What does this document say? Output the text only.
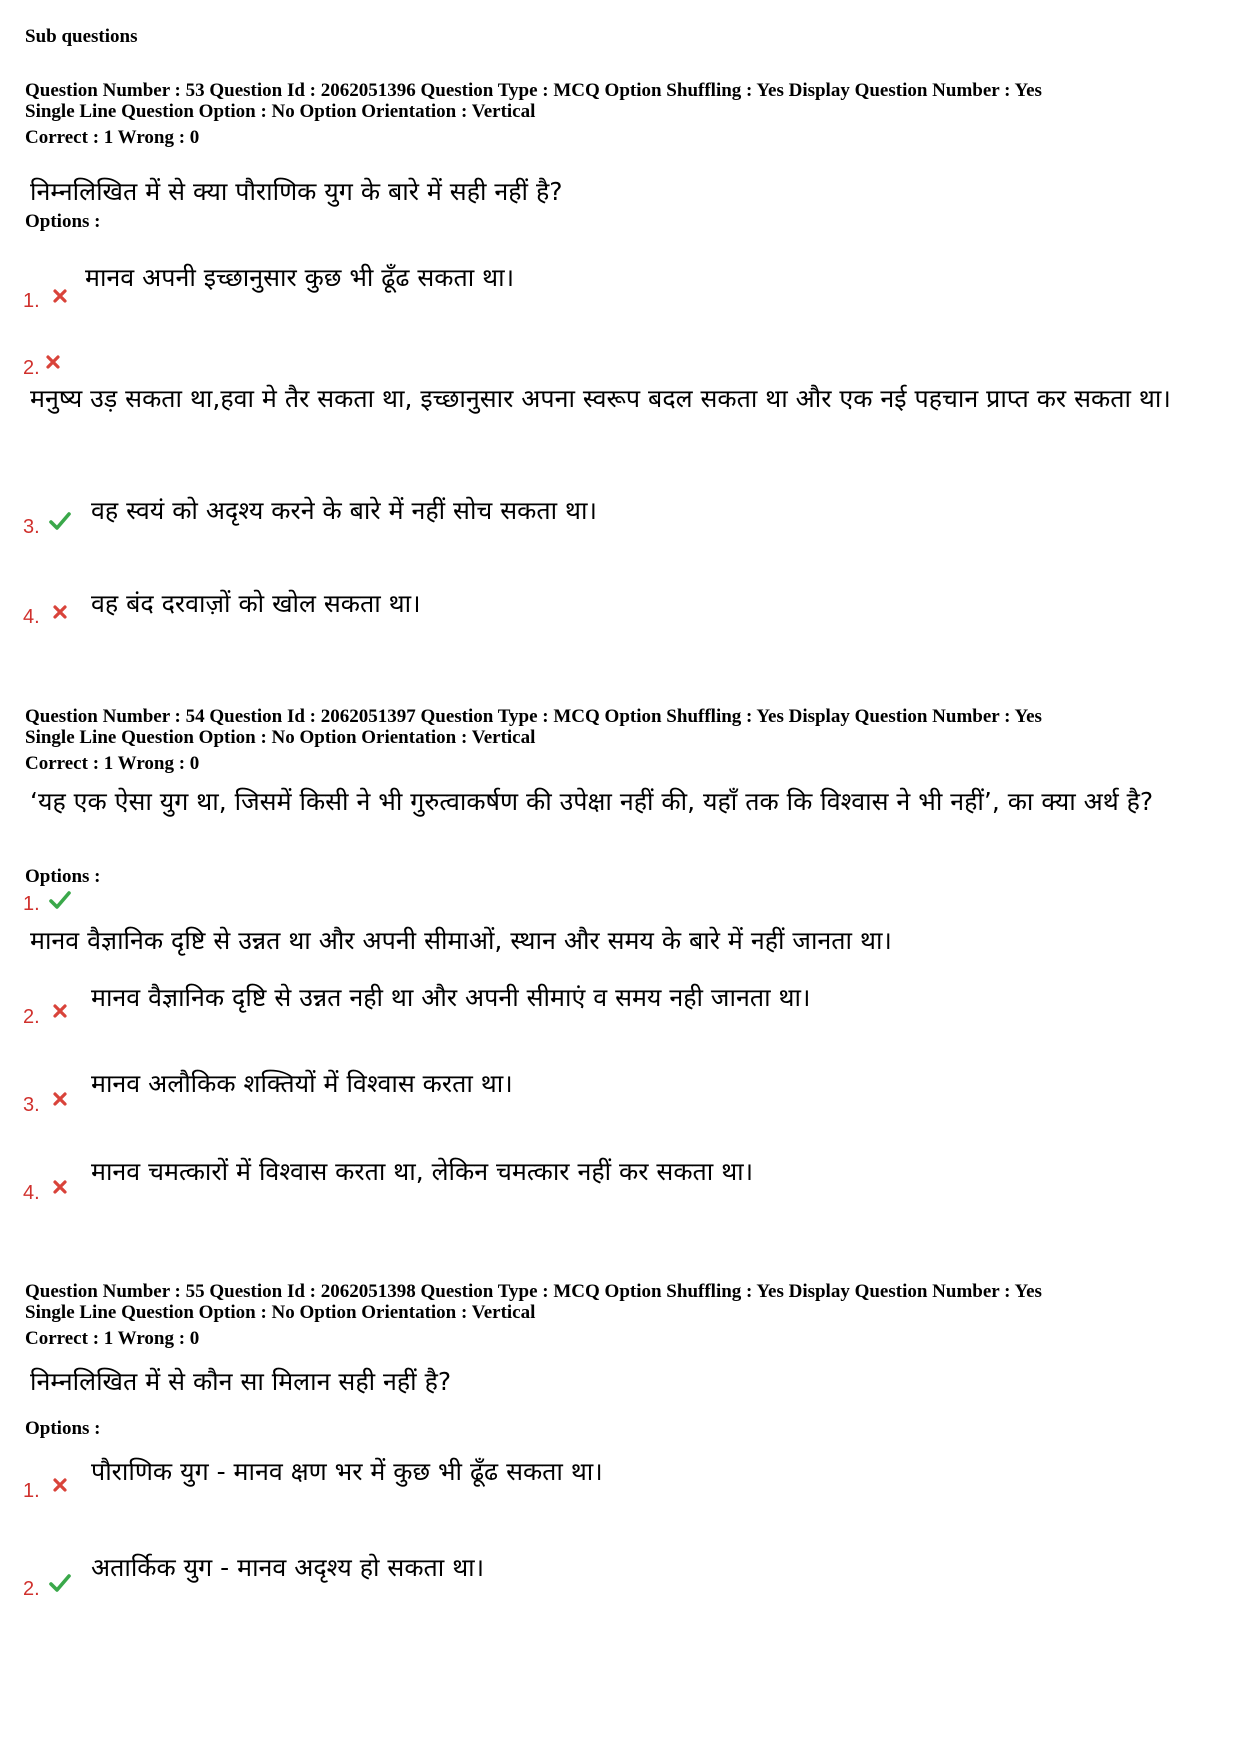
Sub questions
Question Number : 53 Question Id : 2062051396 Question Type : MCQ Option Shuffling : Yes Display Question Number : Yes
Single Line Question Option : No Option Orientation : Vertical
Correct : 1 Wrong : 0
निम्नलिखित में से क्या पौराणिक युग के बारे में सही नहीं है?
Options :
1.
मानव अपनी इच्छानुसार कुछ भी ढूँढ सकता था।
2.
मनुष्य उड़ सकता था,हवा मे तैर सकता था, इच्छानुसार अपना स्वरूप बदल सकता था और एक नई पहचान प्राप्त कर सकता था।
3.
वह स्वयं को अदृश्य करने के बारे में नहीं सोच सकता था।
4. वह बंद दरवाज़ों को खोल सकता था।
Question Number : 54 Question Id : 2062051397 Question Type : MCQ Option Shuffling : Yes Display Question Number : Yes
Single Line Question Option : No Option Orientation : Vertical
Correct : 1 Wrong : 0
‘यह एक ऐसा युग था, जिसमें किसी ने भी गुरुत्वाकर्षण की उपेक्षा नहीं की, यहाँ तक कि विश्वास ने भी नहीं’, का क्या अर्थ है?
Options :
1.
मानव वैज्ञानिक दृष्टि से उन्नत था और अपनी सीमाओं, स्थान और समय के बारे में नहीं जानता था।
2.
मानव वैज्ञानिक दृष्टि से उन्नत नही था और अपनी सीमाएं व समय नही जानता था।
3.
मानव अलौकिक शक्तियों में विश्वास करता था।
4.
मानव चमत्कारों में विश्वास करता था, लेकिन चमत्कार नहीं कर सकता था।
Question Number : 55 Question Id : 2062051398 Question Type : MCQ Option Shuffling : Yes Display Question Number : Yes
Single Line Question Option : No Option Orientation : Vertical
Correct : 1 Wrong : 0
निम्नलिखित में से कौन सा मिलान सही नहीं है?
Options :
1.
पौराणिक युग - मानव क्षण भर में कुछ भी ढूँढ सकता था।
2.
अतार्किक युग - मानव अदृश्य हो सकता था।
